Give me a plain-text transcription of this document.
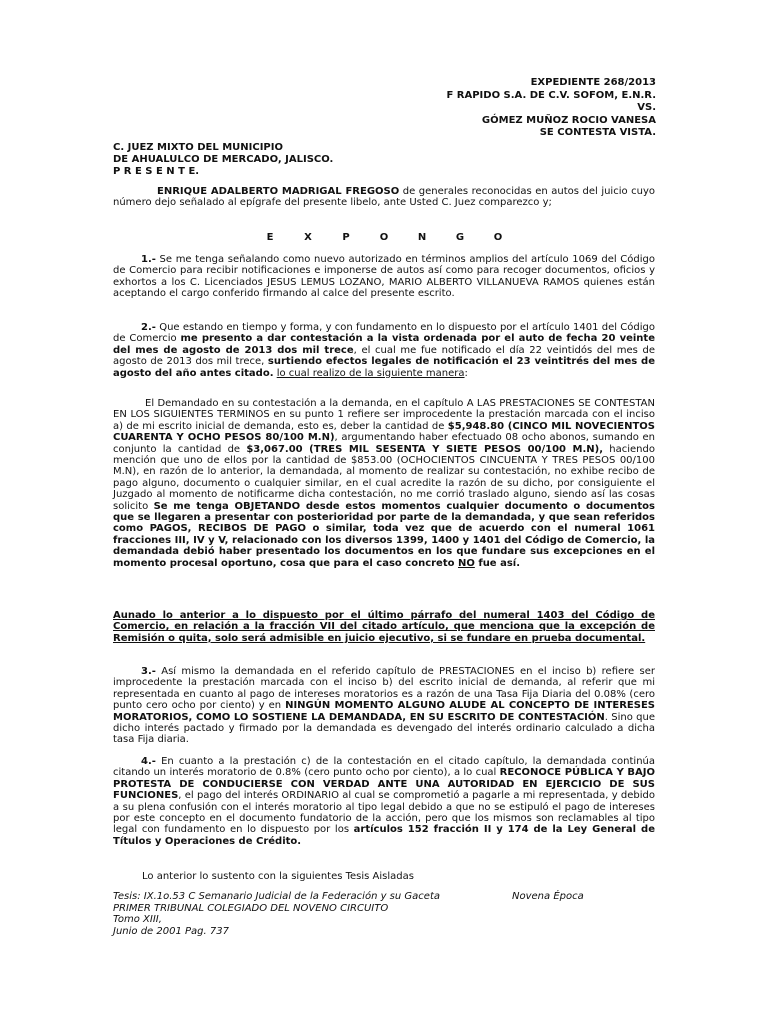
EXPEDIENTE 268/2013
F RAPIDO S.A. DE C.V. SOFOM, E.N.R.
VS.
GÓMEZ MUÑOZ ROCIO VANESA
SE CONTESTA VISTA.
C. JUEZ MIXTO DEL MUNICIPIO
DE AHUALULCO DE MERCADO, JALISCO.
P R E S E N T E.

ENRIQUE ADALBERTO MADRIGAL FREGOSO de generales reconocidas en autos del juicio cuyo número dejo señalado al epígrafe del presente libelo, ante Usted C. Juez comparezco y;

E	X	P	O	N	G	O

1.- Se me tenga señalando como nuevo autorizado en términos amplios del artículo 1069 del Código de Comercio para recibir notificaciones e imponerse de autos así como para recoger documentos, oficios y exhortos a los C. Licenciados JESUS LEMUS LOZANO, MARIO ALBERTO VILLANUEVA RAMOS quienes están aceptando el cargo conferido firmando al calce del presente escrito.

2.- Que estando en tiempo y forma, y con fundamento en lo dispuesto por el artículo 1401 del Código de Comercio me presento a dar contestación a la vista ordenada por el auto de fecha 20 veinte del mes de agosto de 2013 dos mil trece, el cual me fue notificado el día 22 veintidós del mes de agosto de 2013 dos mil trece, surtiendo efectos legales de notificación el 23 veintitrés del mes de agosto del año antes citado. lo cual realizo de la siguiente manera:

El Demandado en su contestación a la demanda, en el capítulo A LAS PRESTACIONES SE CONTESTAN EN LOS SIGUIENTES TERMINOS en su punto 1 refiere ser improcedente la prestación marcada con el inciso a) de mi escrito inicial de demanda, esto es, deber la cantidad de $5,948.80 (CINCO MIL NOVECIENTOS CUARENTA Y OCHO PESOS 80/100 M.N), argumentando haber efectuado 08 ocho abonos, sumando en conjunto la cantidad de $3,067.00 (TRES MIL SESENTA Y SIETE PESOS 00/100 M.N), haciendo mención que uno de ellos por la cantidad de $853.00 (OCHOCIENTOS CINCUENTA Y TRES PESOS 00/100 M.N), en razón de lo anterior, la demandada, al momento de realizar su contestación, no exhibe recibo de pago alguno, documento o cualquier similar, en el cual acredite la razón de su dicho, por consiguiente el Juzgado al momento de notificarme dicha contestación, no me corrió traslado alguno, siendo así las cosas solicito Se me tenga OBJETANDO desde estos momentos cualquier documento o documentos que se llegaren a presentar con posterioridad por parte de la demandada, y que sean referidos como PAGOS, RECIBOS DE PAGO o similar, toda vez que de acuerdo con el numeral 1061 fracciones III, IV y V, relacionado con los diversos 1399, 1400 y 1401 del Código de Comercio, la demandada debió haber presentado los documentos en los que fundare sus excepciones en el momento procesal oportuno, cosa que para el caso concreto NO fue así.

Aunado lo anterior a lo dispuesto por el último párrafo del numeral 1403 del Código de Comercio, en relación a la fracción VII del citado artículo, que menciona que la excepción de Remisión o quita, solo será admisible en juicio ejecutivo, si se fundare en prueba documental.

3.- Así mismo la demandada en el referido capítulo de PRESTACIONES en el inciso b) refiere ser improcedente la prestación marcada con el inciso b) del escrito inicial de demanda, al referir que mi representada en cuanto al pago de intereses moratorios es a razón de una Tasa Fija Diaria del 0.08% (cero punto cero ocho por ciento) y en NINGÚN MOMENTO ALGUNO ALUDE AL CONCEPTO DE INTERESES MORATORIOS, COMO LO SOSTIENE LA DEMANDADA, EN SU ESCRITO DE CONTESTACIÓN. Sino que dicho interés pactado y firmado por la demandada es devengado del interés ordinario calculado a dicha tasa Fija diaria.

4.- En cuanto a la prestación c) de la contestación en el citado capítulo, la demandada continúa citando un interés moratorio de 0.8% (cero punto ocho por ciento), a lo cual RECONOCE PÚBLICA Y BAJO PROTESTA DE CONDUCIERSE CON VERDAD ANTE UNA AUTORIDAD EN EJERCICIO DE SUS FUNCIONES, el pago del interés ORDINARIO al cual se comprometió a pagarle a mi representada, y debido a su plena confusión con el interés moratorio al tipo legal debido a que no se estipuló el pago de intereses por este concepto en el documento fundatorio de la acción, pero que los mismos son reclamables al tipo legal con fundamento en lo dispuesto por los artículos 152 fracción II y 174 de la Ley General de Títulos y Operaciones de Crédito.

Lo anterior lo sustento con la siguientes Tesis Aisladas
Tesis: IX.1o.53 C Semanario Judicial de la Federación y su Gaceta	Novena Época
PRIMER TRIBUNAL COLEGIADO DEL NOVENO CIRCUITO
Tomo XIII,
Junio de 2001 Pag. 737
